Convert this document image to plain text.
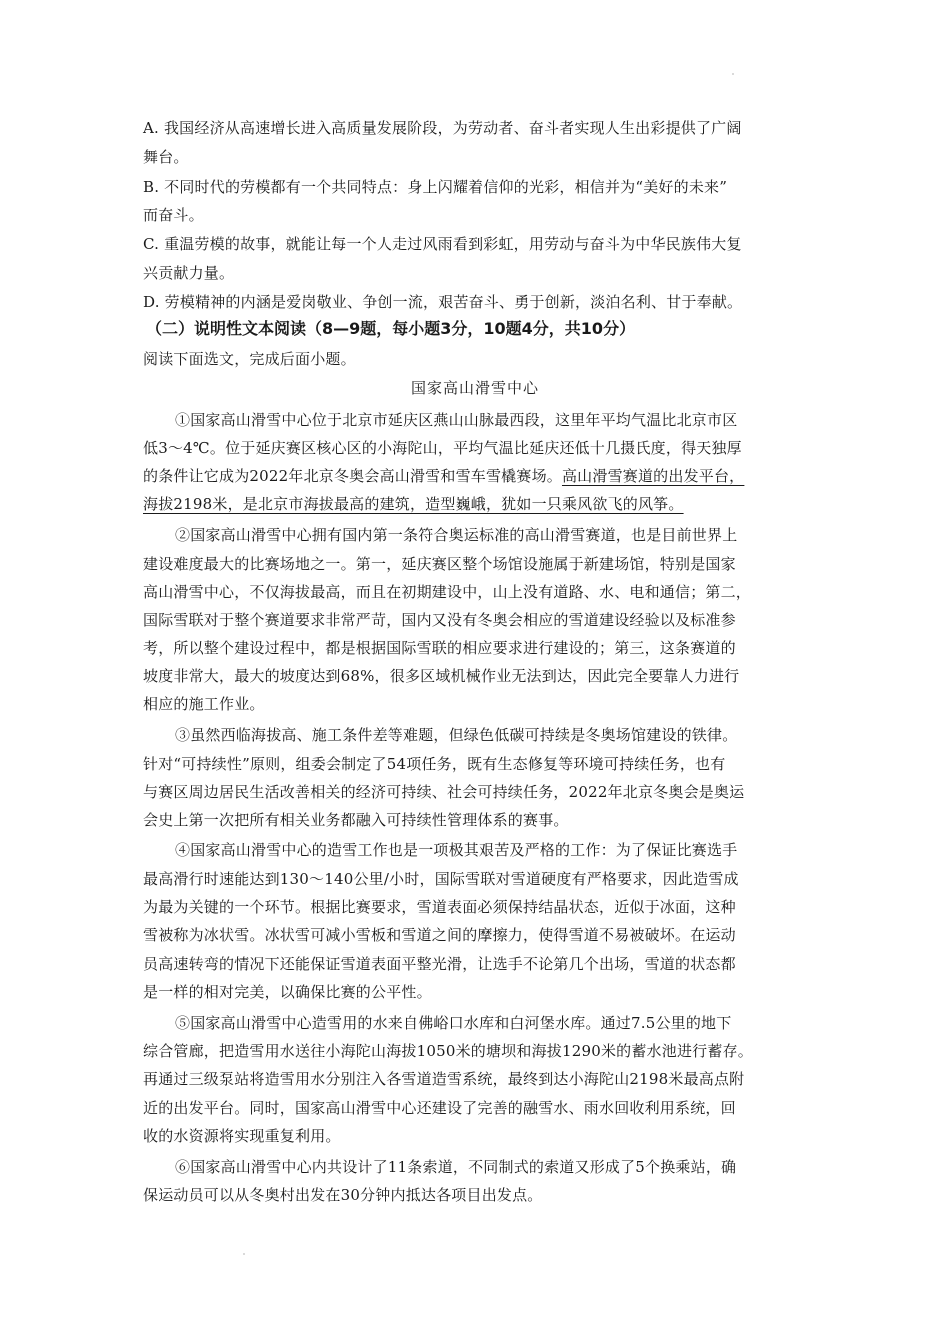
A. 我国经济从高速增长进入高质量发展阶段，为劳动者、奋斗者实现人生出彩提供了广阔
舞台。
B. 不同时代的劳模都有一个共同特点：身上闪耀着信仰的光彩，相信并为“美好的未来”
而奋斗。
C. 重温劳模的故事，就能让每一个人走过风雨看到彩虹，用劳动与奋斗为中华民族伟大复
兴贡献力量。
D. 劳模精神的内涵是爱岗敬业、争创一流，艰苦奋斗、勇于创新，淡泊名利、甘于奉献。
（二）说明性文本阅读（8—9题，每小题3分，10题4分，共10分）
阅读下面选文，完成后面小题。
国家高山滑雪中心
①国家高山滑雪中心位于北京市延庆区燕山山脉最西段，这里年平均气温比北京市区
低3～4℃。位于延庆赛区核心区的小海陀山，平均气温比延庆还低十几摄氏度，得天独厚
的条件让它成为2022年北京冬奥会高山滑雪和雪车雪橇赛场。高山滑雪赛道的出发平台，
海拔2198米，是北京市海拔最高的建筑，造型巍峨，犹如一只乘风欲飞的风筝。
②国家高山滑雪中心拥有国内第一条符合奥运标准的高山滑雪赛道，也是目前世界上
建设难度最大的比赛场地之一。第一，延庆赛区整个场馆设施属于新建场馆，特别是国家
高山滑雪中心，不仅海拔最高，而且在初期建设中，山上没有道路、水、电和通信；第二，
国际雪联对于整个赛道要求非常严苛，国内又没有冬奥会相应的雪道建设经验以及标准参
考，所以整个建设过程中，都是根据国际雪联的相应要求进行建设的；第三，这条赛道的
坡度非常大，最大的坡度达到68%，很多区域机械作业无法到达，因此完全要靠人力进行
相应的施工作业。
③虽然西临海拔高、施工条件差等难题，但绿色低碳可持续是冬奥场馆建设的铁律。
针对“可持续性”原则，组委会制定了54项任务，既有生态修复等环境可持续任务，也有
与赛区周边居民生活改善相关的经济可持续、社会可持续任务，2022年北京冬奥会是奥运
会史上第一次把所有相关业务都融入可持续性管理体系的赛事。
④国家高山滑雪中心的造雪工作也是一项极其艰苦及严格的工作：为了保证比赛选手
最高滑行时速能达到130～140公里/小时，国际雪联对雪道硬度有严格要求，因此造雪成
为最为关键的一个环节。根据比赛要求，雪道表面必须保持结晶状态，近似于冰面，这种
雪被称为冰状雪。冰状雪可减小雪板和雪道之间的摩擦力，使得雪道不易被破坏。在运动
员高速转弯的情况下还能保证雪道表面平整光滑，让选手不论第几个出场，雪道的状态都
是一样的相对完美，以确保比赛的公平性。
⑤国家高山滑雪中心造雪用的水来自佛峪口水库和白河堡水库。通过7.5公里的地下
综合管廊，把造雪用水送往小海陀山海拔1050米的塘坝和海拔1290米的蓄水池进行蓄存。
再通过三级泵站将造雪用水分别注入各雪道造雪系统，最终到达小海陀山2198米最高点附
近的出发平台。同时，国家高山滑雪中心还建设了完善的融雪水、雨水回收利用系统，回
收的水资源将实现重复利用。
⑥国家高山滑雪中心内共设计了11条索道，不同制式的索道又形成了5个换乘站，确
保运动员可以从冬奥村出发在30分钟内抵达各项目出发点。
